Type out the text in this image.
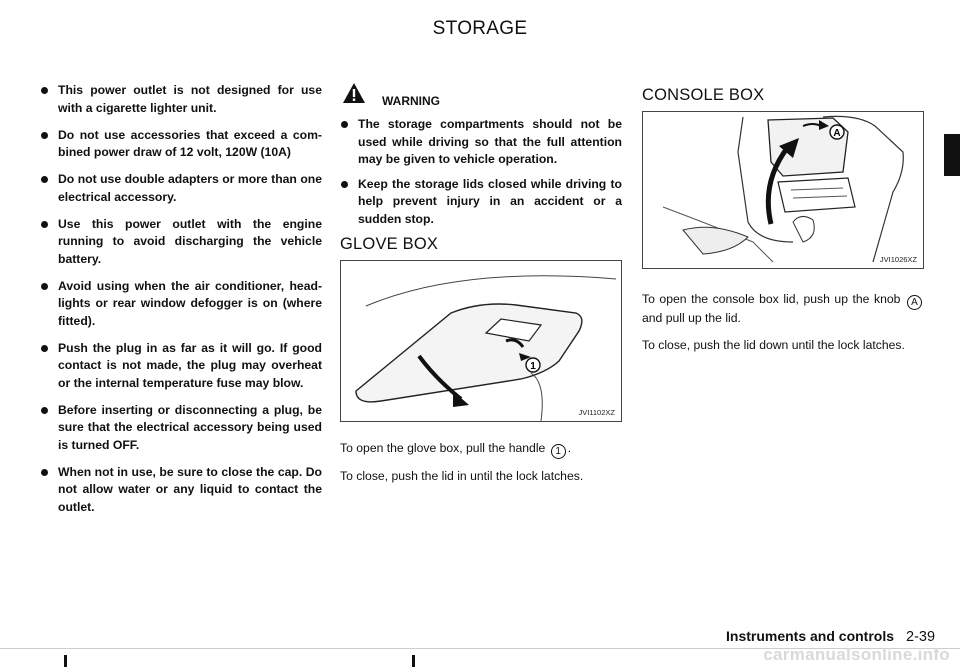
STORAGE
This power outlet is not designed for use with a cigarette lighter unit.
Do not use accessories that exceed a com-bined power draw of 12 volt, 120W (10A)
Do not use double adapters or more than one electrical accessory.
Use this power outlet with the engine running to avoid discharging the vehicle battery.
Avoid using when the air conditioner, head-lights or rear window defogger is on (where fitted).
Push the plug in as far as it will go. If good contact is not made, the plug may overheat or the internal temperature fuse may blow.
Before inserting or disconnecting a plug, be sure that the electrical accessory being used is turned OFF.
When not in use, be sure to close the cap. Do not allow water or any liquid to contact the outlet.
WARNING
The storage compartments should not be used while driving so that the full attention may be given to vehicle operation.
Keep the storage lids closed while driving to help prevent injury in an accident or a sudden stop.
GLOVE BOX
1
JVI1102XZ

To open the glove box, pull the handle 1 .

To close, push the lid in until the lock latches.

CONSOLE BOX
A
JVI1026XZ

To open the console box lid, push up the knob A and pull up the lid.

To close, push the lid down until the lock latches.

Instruments and controls 2-39
carmanualsonline.info
